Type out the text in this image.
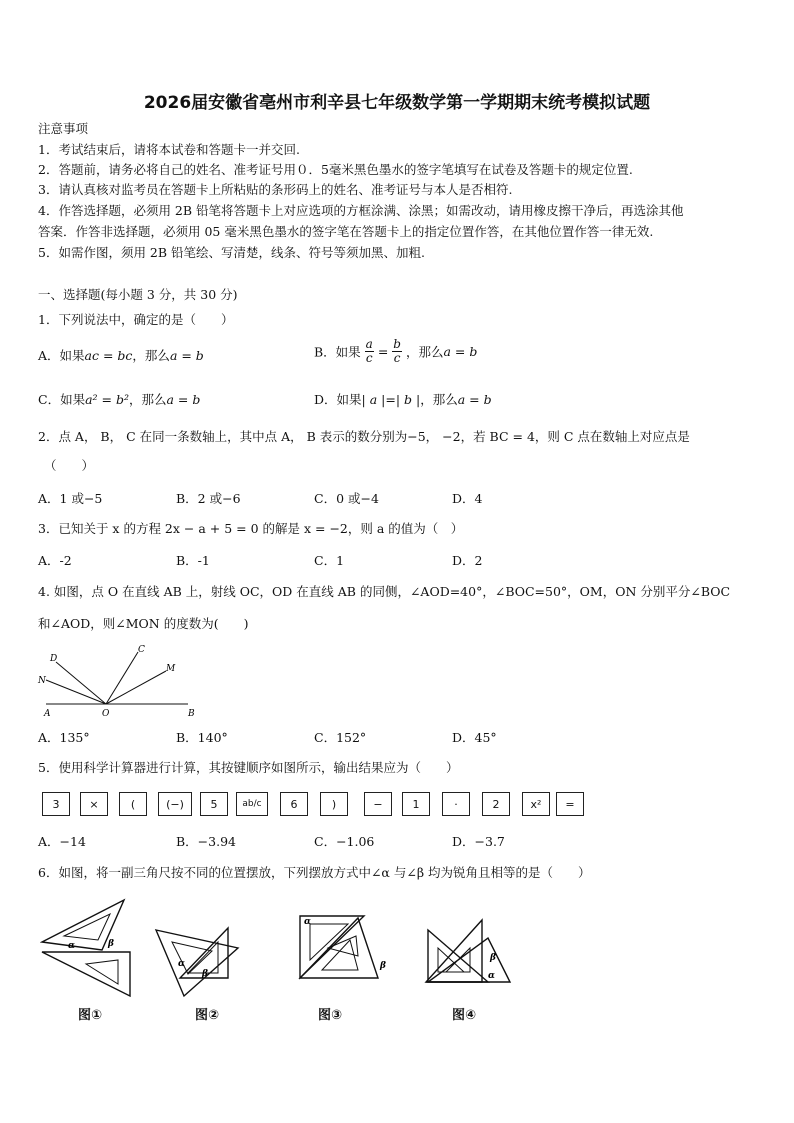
2026届安徽省亳州市利辛县七年级数学第一学期期末统考模拟试题
注意事项
1．考试结束后，请将本试卷和答题卡一并交回.
2．答题前，请务必将自己的姓名、准考证号用０．5毫米黑色墨水的签字笔填写在试卷及答题卡的规定位置.
3．请认真核对监考员在答题卡上所粘贴的条形码上的姓名、准考证号与本人是否相符.
4．作答选择题，必须用 2B 铅笔将答题卡上对应选项的方框涂满、涂黑；如需改动，请用橡皮擦干净后，再选涂其他
答案．作答非选择题，必须用 05 毫米黑色墨水的签字笔在答题卡上的指定位置作答，在其他位置作答一律无效.
5．如需作图，须用 2B 铅笔绘、写清楚，线条、符号等须加黑、加粗.
一、选择题(每小题 3 分，共 30 分)
1．下列说法中，确定的是（　　）
A．如果ac = bc，那么a = b	B．如果 $\frac{a}{c} = \frac{b}{c}$ ，那么a = b
C．如果a² = b²，那么a = b	D．如果| a |=| b |，那么a = b
2．点 A， B， C 在同一条数轴上，其中点 A， B 表示的数分别为−5， −2，若 BC = 4，则 C 点在数轴上对应点是
（　　）
A．1 或−5	B．2 或−6	C．0 或−4	D．4
3．已知关于 x 的方程 2x − a + 5 = 0 的解是 x = −2，则 a 的值为（　）
A．-2	B．-1	C．1	D．2
4. 如图，点 O 在直线 AB 上，射线 OC，OD 在直线 AB 的同侧，∠AOD=40°，∠BOC=50°，OM，ON 分别平分∠BOC
和∠AOD，则∠MON 的度数为(　　)
D
C
M
N
A	O	B
A．135°	B．140°	C．152°	D．45°
5．使用科学计算器进行计算，其按键顺序如图所示，输出结果应为（　　）
3	×	(	(−)	5	ab/c	6	)	−	1	·	2	x²	=
A．−14	B．−3.94	C．−1.06	D．−3.7
6．如图，将一副三角尺按不同的位置摆放，下列摆放方式中∠α 与∠β 均为锐角且相等的是（　　）
α	β
图①
α
β
图②
α
β
图③
β
α
图④
